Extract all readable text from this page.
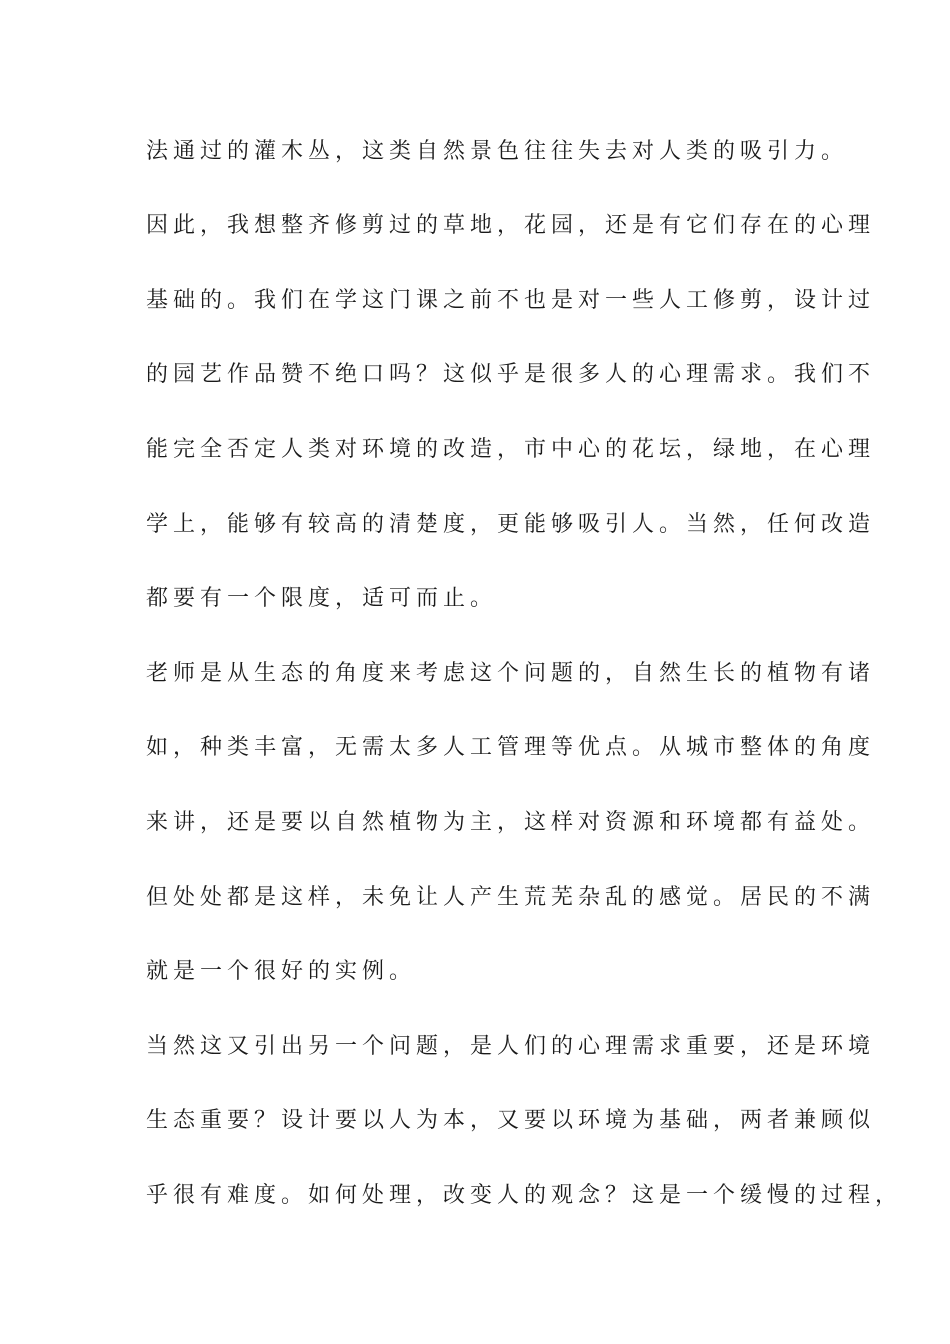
法通过的灌木丛，这类自然景色往往失去对人类的吸引力。
因此，我想整齐修剪过的草地，花园，还是有它们存在的心理
基础的。我们在学这门课之前不也是对一些人工修剪，设计过
的园艺作品赞不绝口吗？这似乎是很多人的心理需求。我们不
能完全否定人类对环境的改造，市中心的花坛，绿地，在心理
学上，能够有较高的清楚度，更能够吸引人。当然，任何改造
都要有一个限度，适可而止。
老师是从生态的角度来考虑这个问题的，自然生长的植物有诸
如，种类丰富，无需太多人工管理等优点。从城市整体的角度
来讲，还是要以自然植物为主，这样对资源和环境都有益处。
但处处都是这样，未免让人产生荒芜杂乱的感觉。居民的不满
就是一个很好的实例。
当然这又引出另一个问题，是人们的心理需求重要，还是环境
生态重要？设计要以人为本，又要以环境为基础，两者兼顾似
乎很有难度。如何处理，改变人的观念？这是一个缓慢的过程，
